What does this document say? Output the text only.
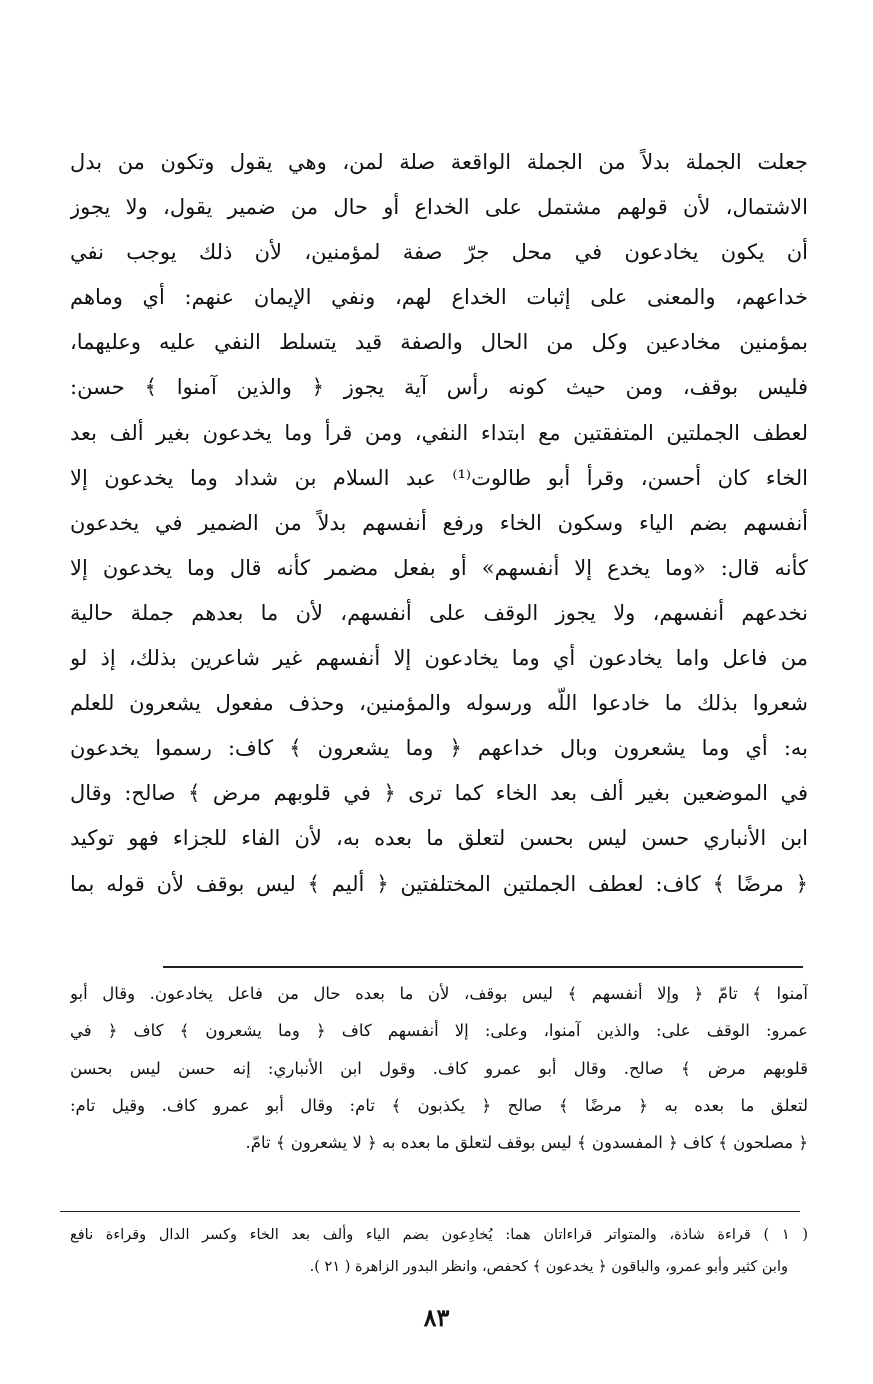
جعلت الجملة بدلاً من الجملة الواقعة صلة لمن، وهي يقول وتكون من بدل
الاشتمال، لأن قولهم مشتمل على الخداع أو حال من ضمير يقول، ولا يجوز
أن يكون يخادعون في محل جرّ صفة لمؤمنين، لأن ذلك يوجب نفي
خداعهم، والمعنى على إثبات الخداع لهم، ونفي الإيمان عنهم: أي وماهم
بمؤمنين مخادعين وكل من الحال والصفة قيد يتسلط النفي عليه وعليهما،
فليس بوقف، ومن حيث كونه رأس آية يجوز ﴿ والذين آمنوا ﴾ حسن:
لعطف الجملتين المتفقتين مع ابتداء النفي، ومن قرأ وما يخدعون بغير ألف بعد
الخاء كان أحسن، وقرأ أبو طالوت⁽¹⁾ عبد السلام بن شداد وما يخدعون إلا
أنفسهم بضم الياء وسكون الخاء ورفع أنفسهم بدلاً من الضمير في يخدعون
كأنه قال: «وما يخدع إلا أنفسهم» أو بفعل مضمر كأنه قال وما يخدعون إلا
نخدعهم أنفسهم، ولا يجوز الوقف على أنفسهم، لأن ما بعدهم جملة حالية
من فاعل واما يخادعون أي وما يخادعون إلا أنفسهم غير شاعرين بذلك، إذ لو
شعروا بذلك ما خادعوا اللّه ورسوله والمؤمنين، وحذف مفعول يشعرون للعلم
به: أي وما يشعرون وبال خداعهم ﴿ وما يشعرون ﴾ كاف: رسموا يخدعون
في الموضعين بغير ألف بعد الخاء كما ترى ﴿ في قلوبهم مرض ﴾ صالح: وقال
ابن الأنباري حسن ليس بحسن لتعلق ما بعده به، لأن الفاء للجزاء فهو توكيد
﴿ مرضًا ﴾ كاف: لعطف الجملتين المختلفتين ﴿ أليم ﴾ ليس بوقف لأن قوله بما
آمنوا ﴾ تامّ ﴿ وإلا أنفسهم ﴾ ليس بوقف، لأن ما بعده حال من فاعل يخادعون. وقال أبو
عمرو: الوقف على: والذين آمنوا، وعلى: إلا أنفسهم كاف ﴿ وما يشعرون ﴾ كاف ﴿ في
قلوبهم مرض ﴾ صالح. وقال أبو عمرو كاف. وقول ابن الأنباري: إنه حسن ليس بحسن
لتعلق ما بعده به ﴿ مرضًا ﴾ صالح ﴿ يكذبون ﴾ تام: وقال أبو عمرو كاف. وقيل تام:
﴿ مصلحون ﴾ كاف ﴿ المفسدون ﴾ ليس بوقف لتعلق ما بعده به ﴿ لا يشعرون ﴾ تامّ.
( ١ ) قراءة شاذة، والمتواتر قراءاتان هما: يُخادِعون بضم الياء وألف بعد الخاء وكسر الدال وقراءة نافع
وابن كثير وأبو عمرو، والباقون ﴿ يخدعون ﴾ كحفص، وانظر البدور الزاهرة ( ٢١ ).
٨٣
